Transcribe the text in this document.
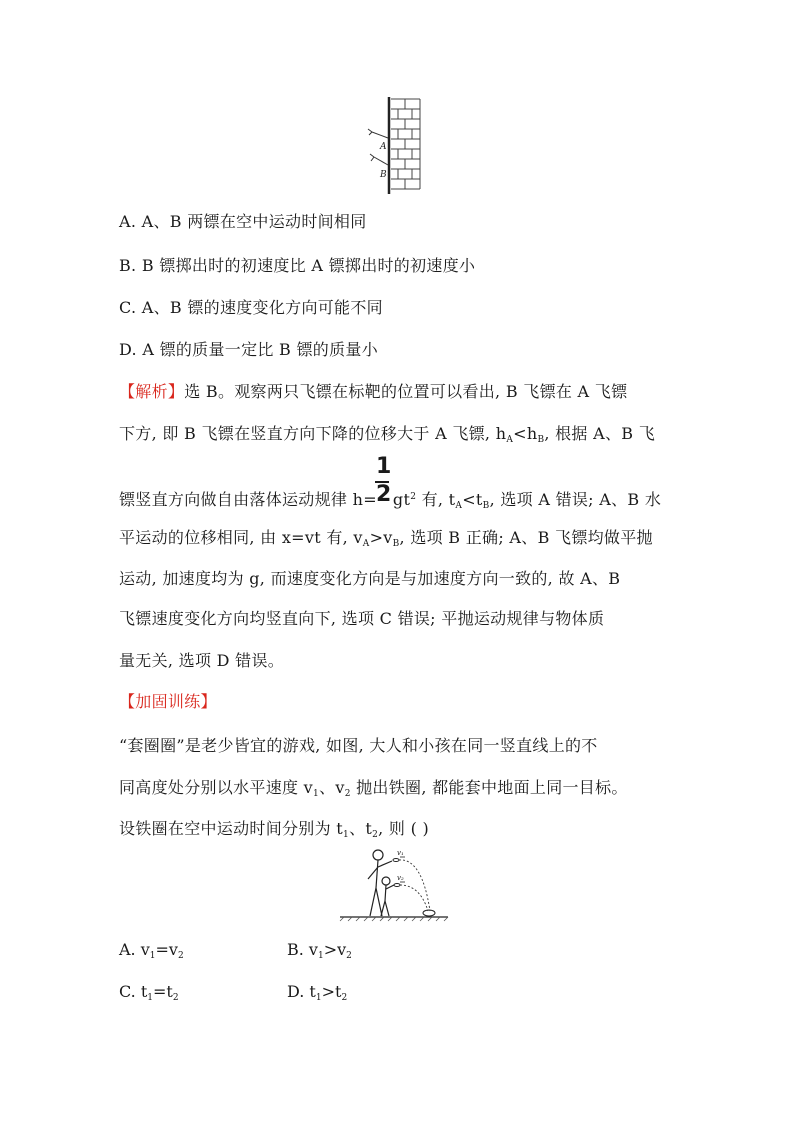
A
B
A. A、B 两镖在空中运动时间相同
B. B 镖掷出时的初速度比 A 镖掷出时的初速度小
C. A、B 镖的速度变化方向可能不同
D. A 镖的质量一定比 B 镖的质量小
【解析】选 B。观察两只飞镖在标靶的位置可以看出, B 飞镖在 A 飞镖
下方, 即 B 飞镖在竖直方向下降的位移大于 A 飞镖, $h_A<h_B$, 根据 A、B 飞
1
2
镖竖直方向做自由落体运动规律 $h= gt^2$ 有, $t_A<t_B$, 选项 A 错误; A、B 水
平运动的位移相同, 由 x=vt 有, $v_A>v_B$, 选项 B 正确; A、B 飞镖均做平抛
运动, 加速度均为 g, 而速度变化方向是与加速度方向一致的, 故 A、B
飞镖速度变化方向均竖直向下, 选项 C 错误; 平抛运动规律与物体质
量无关, 选项 D 错误。
【加固训练】
“套圈圈”是老少皆宜的游戏, 如图, 大人和小孩在同一竖直线上的不
同高度处分别以水平速度 $v_1$、$v_2$ 抛出铁圈, 都能套中地面上同一目标。
设铁圈在空中运动时间分别为 $t_1$、$t_2$, 则 ( )
v₁
v₂
A. $v_1=v_2$	B. $v_1>v_2$
C. $t_1=t_2$	D. $t_1>t_2$
